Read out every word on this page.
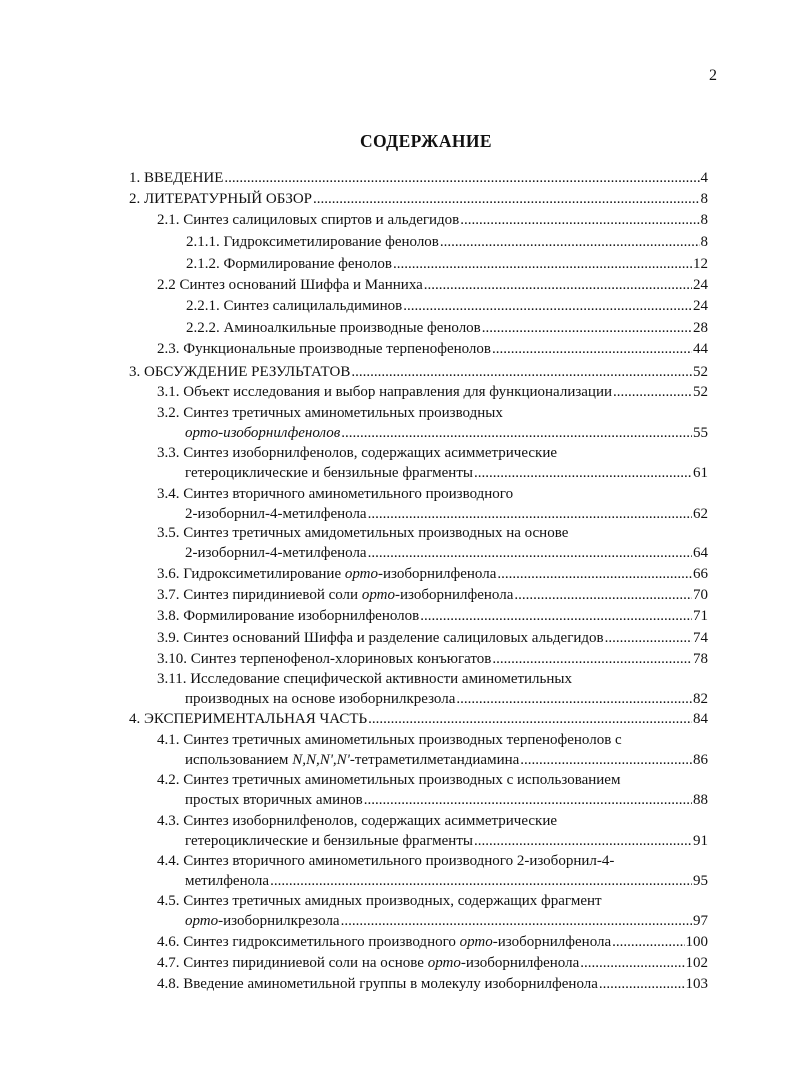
2
СОДЕРЖАНИЕ
1. ВВЕДЕНИЕ .....	4
2. ЛИТЕРАТУРНЫЙ ОБЗОР .....	8
2.1. Синтез салициловых спиртов и альдегидов .....	8
2.1.1. Гидроксиметилирование фенолов .....	8
2.1.2. Формилирование фенолов .....	12
2.2 Синтез оснований Шиффа и Манниха .....	24
2.2.1. Синтез салицилальдиминов .....	24
2.2.2. Аминоалкильные производные фенолов .....	28
2.3. Функциональные производные терпенофенолов .....	44
3. ОБСУЖДЕНИЕ РЕЗУЛЬТАТОВ .....	52
3.1. Объект исследования и выбор направления для функционализации .....	52
3.2. Синтез третичных аминометильных производных
орто-изоборнилфенолов .....	55
3.3. Синтез изоборнилфенолов, содержащих асимметрические
гетероциклические и бензильные фрагменты .....	61
3.4. Синтез вторичного аминометильного производного
2-изоборнил-4-метилфенола .....	62
3.5. Синтез третичных амидометильных производных на основе
2-изоборнил-4-метилфенола .....	64
3.6. Гидроксиметилирование орто-изоборнилфенола .....	66
3.7. Синтез пиридиниевой соли орто-изоборнилфенола .....	70
3.8. Формилирование изоборнилфенолов .....	71
3.9. Синтез оснований Шиффа и разделение салициловых альдегидов .....	74
3.10. Синтез терпенофенол-хлориновых конъюгатов .....	78
3.11. Исследование специфической активности аминометильных
производных на основе изоборнилкрезола .....	82
4. ЭКСПЕРИМЕНТАЛЬНАЯ ЧАСТЬ .....	84
4.1. Синтез третичных аминометильных производных терпенофенолов с
использованием N,N,N',N'-тетраметилметандиамина .....	86
4.2. Синтез третичных аминометильных производных с использованием
простых вторичных аминов .....	88
4.3. Синтез изоборнилфенолов, содержащих асимметрические
гетероциклические и бензильные фрагменты .....	91
4.4. Синтез вторичного аминометильного производного 2-изоборнил-4-
метилфенола .....	95
4.5. Синтез третичных амидных производных, содержащих фрагмент
орто-изоборнилкрезола .....	97
4.6. Синтез гидроксиметильного производного орто-изоборнилфенола .....	100
4.7. Синтез пиридиниевой соли на основе орто-изоборнилфенола .....	102
4.8. Введение аминометильной группы в молекулу изоборнилфенола .....	103
